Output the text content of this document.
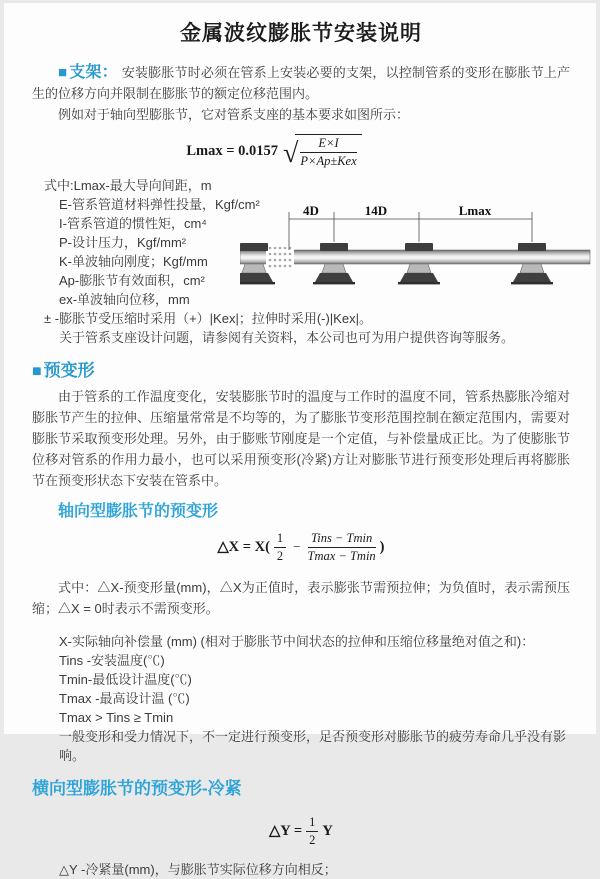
金属波纹膨胀节安装说明

■ 支架： 安装膨胀节时必须在管系上安装必要的支架，以控制管系的变形在膨胀节上产生的位移方向并限制在膨胀节的额定位移范围内。

例如对于轴向型膨胀节，它对管系支座的基本要求如图所示：

Lmax = 0.0157 √ $\frac{E\times I}{\text{P×Ap±Kex}}$
式中:Lmax-最大导向间距，m
E-管系管道材料弹性投量，Kgf/cm²
I-管系管道的惯性矩，cm⁴
P-设计压力，Kgf/mm²
K-单波轴向刚度；Kgf/mm
Ap-膨胀节有效面积，cm²
ex-单波轴向位移，mm
± -膨胀节受压缩时采用（+）|Kex|；拉伸时采用(-)|Kex|。
关于管系支座设计问题，请参阅有关资料，本公司也可为用户提供咨询等服务。
4D	14D	Lmax
■ 预变形

由于管系的工作温度变化，安装膨胀节时的温度与工作时的温度不同，管系热膨胀冷缩对膨胀节产生的拉伸、压缩量常常是不均等的，为了膨胀节变形范围控制在额定范围内，需要对膨胀节采取预变形处理。另外，由于膨账节刚度是一个定值，与补偿量成正比。为了使膨胀节位移对管系的作用力最小，也可以采用预变形(冷紧)方让对膨胀节进行预变形处理后再将膨胀节在预变形状态下安装在管系中。

轴向型膨胀节的预变形
△X = $X( \frac{1}{2} - \frac{\text{Tins − Tmin}}{Tmax - Tmin}$ )

式中：△X-预变形量(mm)，△X为正值时，表示膨张节需预拉伸；为负值时，表示需预压缩；△X = 0时表示不需预变形。

X-实际轴向补偿量 (mm) (相对于膨胀节中间状态的拉伸和压缩位移量绝对值之和)：
Tins -安装温度(℃)
Tmin-最低设计温度(℃)
Tmax -最高设计温 (℃)
Tmax > Tins ≥ Tmin
一般变形和受力情况下，不一定进行预变形，足否预变形对膨胀节的疲劳寿命几乎没有影响。
横向型膨胀节的预变形-冷紧
△Y = $\frac{1}{2}$ Y
△Y -冷紧量(mm)，与膨胀节实际位移方向相反；
